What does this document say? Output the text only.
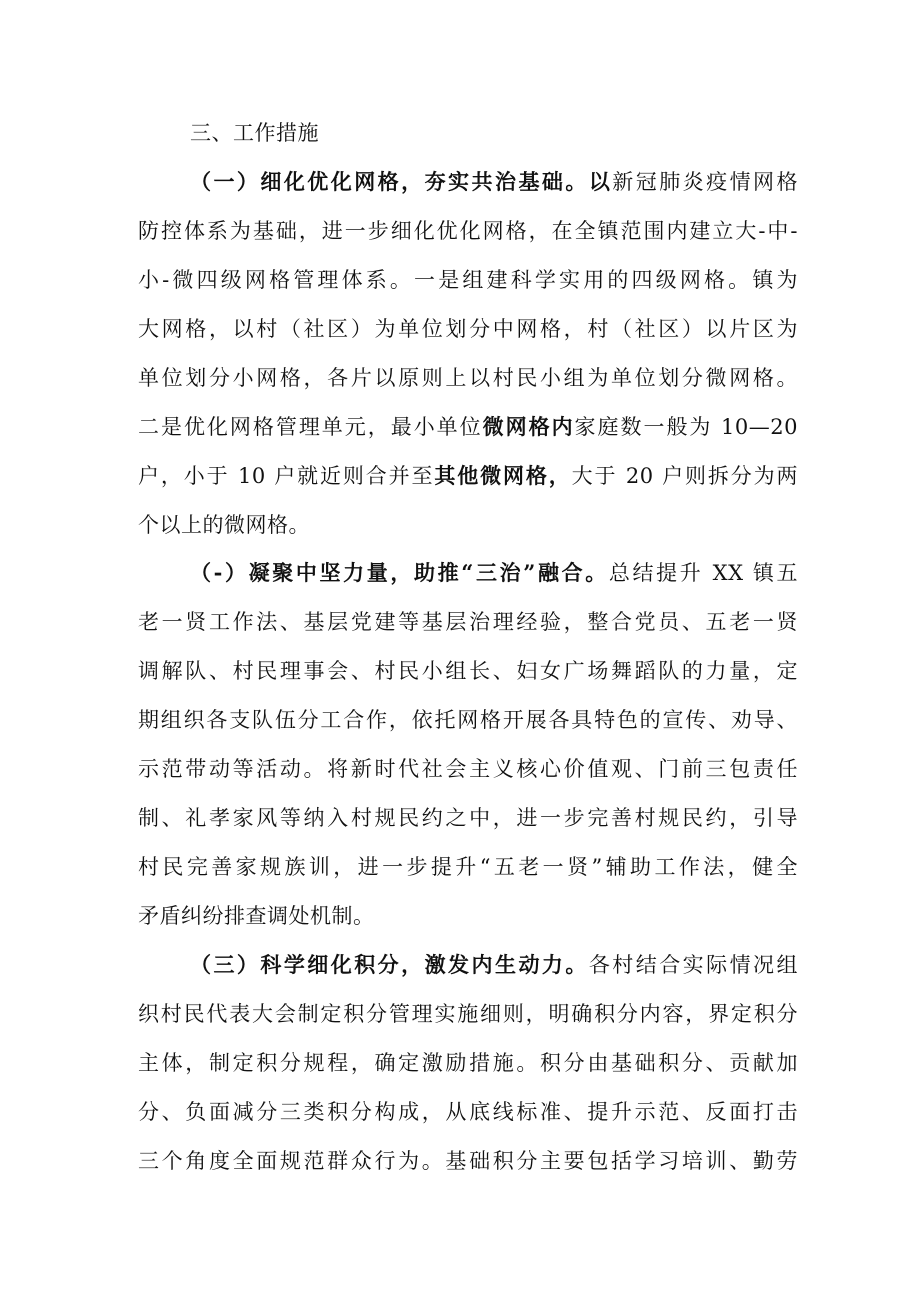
三、工作措施
（一）细化优化网格，夯实共治基础。以新冠肺炎疫情网格
防控体系为基础，进一步细化优化网格，在全镇范围内建立大-中-
小-微四级网格管理体系。一是组建科学实用的四级网格。镇为
大网格，以村（社区）为单位划分中网格，村（社区）以片区为
单位划分小网格，各片以原则上以村民小组为单位划分微网格。
二是优化网格管理单元，最小单位微网格内家庭数一般为 10—20
户，小于 10 户就近则合并至其他微网格，大于 20 户则拆分为两
个以上的微网格。
（-）凝聚中坚力量，助推“三治”融合。总结提升 XX 镇五
老一贤工作法、基层党建等基层治理经验，整合党员、五老一贤
调解队、村民理事会、村民小组长、妇女广场舞蹈队的力量，定
期组织各支队伍分工合作，依托网格开展各具特色的宣传、劝导、
示范带动等活动。将新时代社会主义核心价值观、门前三包责任
制、礼孝家风等纳入村规民约之中，进一步完善村规民约，引导
村民完善家规族训，进一步提升“五老一贤”辅助工作法，健全
矛盾纠纷排查调处机制。
（三）科学细化积分，激发内生动力。各村结合实际情况组
织村民代表大会制定积分管理实施细则，明确积分内容，界定积分
主体，制定积分规程，确定激励措施。积分由基础积分、贡献加
分、负面减分三类积分构成，从底线标准、提升示范、反面打击
三个角度全面规范群众行为。基础积分主要包括学习培训、勤劳
